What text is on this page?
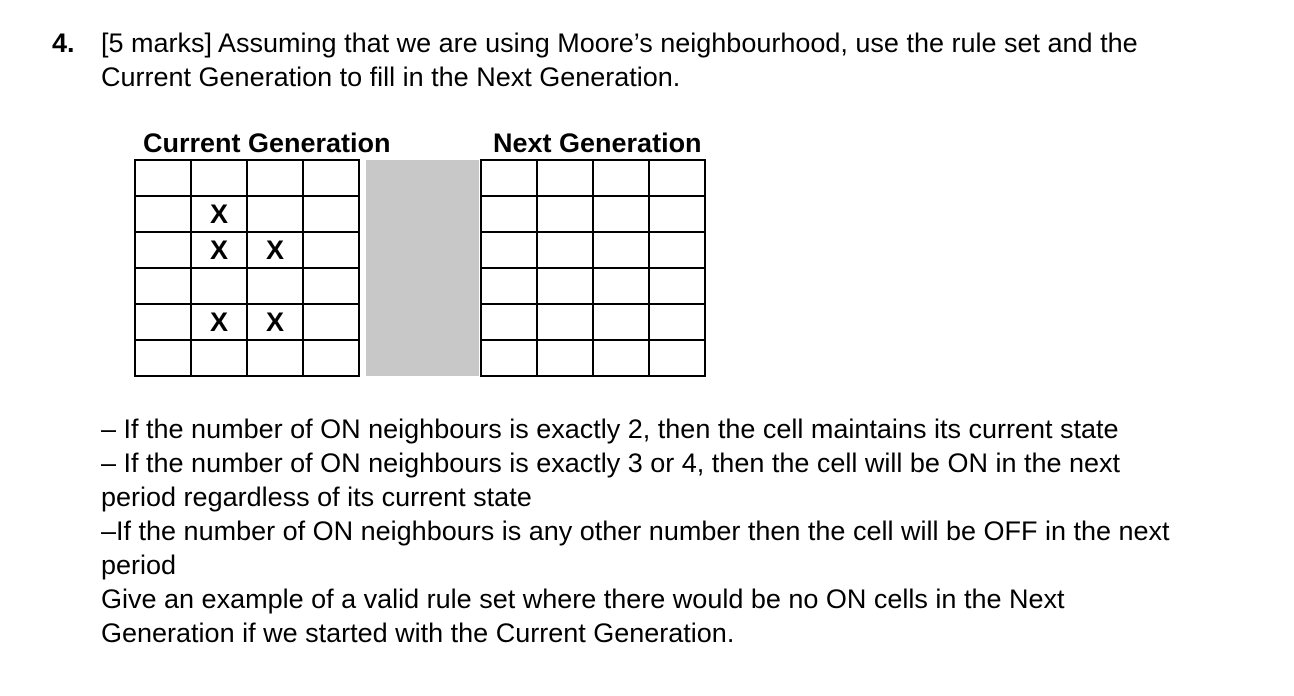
4. [5 marks] Assuming that we are using Moore’s neighbourhood, use the rule set and the Current Generation to fill in the Next Generation.
Current Generation	Next Generation

	X		
	X	X	

	X	X	

– If the number of ON neighbours is exactly 2, then the cell maintains its current state

– If the number of ON neighbours is exactly 3 or 4, then the cell will be ON in the next period regardless of its current state

–If the number of ON neighbours is any other number then the cell will be OFF in the next period

Give an example of a valid rule set where there would be no ON cells in the Next Generation if we started with the Current Generation.
